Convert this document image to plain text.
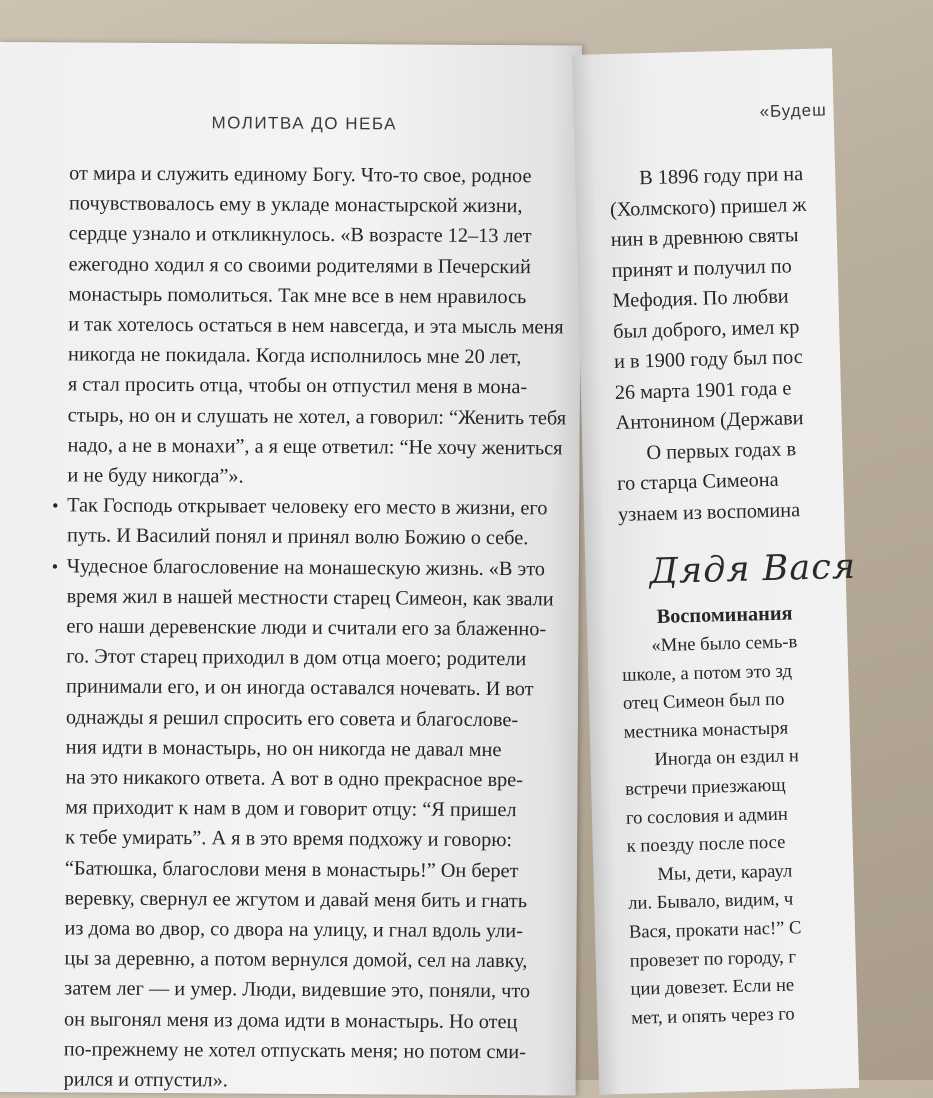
МОЛИТВА ДО НЕБА
от мира и служить единому Богу. Что-то свое, родное
почувствовалось ему в укладе монастырской жизни,
сердце узнало и откликнулось. «В возрасте 12–13 лет
ежегодно ходил я со своими родителями в Печерский
монастырь помолиться. Так мне все в нем нравилось
и так хотелось остаться в нем навсегда, и эта мысль меня
никогда не покидала. Когда исполнилось мне 20 лет,
я стал просить отца, чтобы он отпустил меня в мона-
стырь, но он и слушать не хотел, а говорил: “Женить тебя
надо, а не в монахи”, а я еще ответил: “Не хочу жениться
и не буду никогда”».
• Так Господь открывает человеку его место в жизни, его
путь. И Василий понял и принял волю Божию о себе.
• Чудесное благословение на монашескую жизнь. «В это
время жил в нашей местности старец Симеон, как звали
его наши деревенские люди и считали его за блаженно-
го. Этот старец приходил в дом отца моего; родители
принимали его, и он иногда оставался ночевать. И вот
однажды я решил спросить его совета и благослове-
ния идти в монастырь, но он никогда не давал мне
на это никакого ответа. А вот в одно прекрасное вре-
мя приходит к нам в дом и говорит отцу: “Я пришел
к тебе умирать”. А я в это время подхожу и говорю:
“Батюшка, благослови меня в монастырь!” Он берет
веревку, свернул ее жгутом и давай меня бить и гнать
из дома во двор, со двора на улицу, и гнал вдоль ули-
цы за деревню, а потом вернулся домой, сел на лавку,
затем лег — и умер. Люди, видевшие это, поняли, что
он выгонял меня из дома идти в монастырь. Но отец
по-прежнему не хотел отпускать меня; но потом сми-
рился и отпустил».
«Будеш
В 1896 году при на
(Холмского) пришел ж
нин в древнюю святы
принят и получил по
Мефодия. По любви
был доброго, имел кр
и в 1900 году был пос
26 марта 1901 года е
Антонином (Держави
О первых годах в
го старца Симеона
узнаем из воспомина
Дядя Вася
Воспоминания
«Мне было семь-в
школе, а потом это зд
отец Симеон был по
местника монастыря
Иногда он ездил н
встречи приезжающ
го сословия и админ
к поезду после посе
Мы, дети, караул
ли. Бывало, видим, ч
Вася, прокати нас!” С
провезет по городу, г
ции довезет. Если не
мет, и опять через го
